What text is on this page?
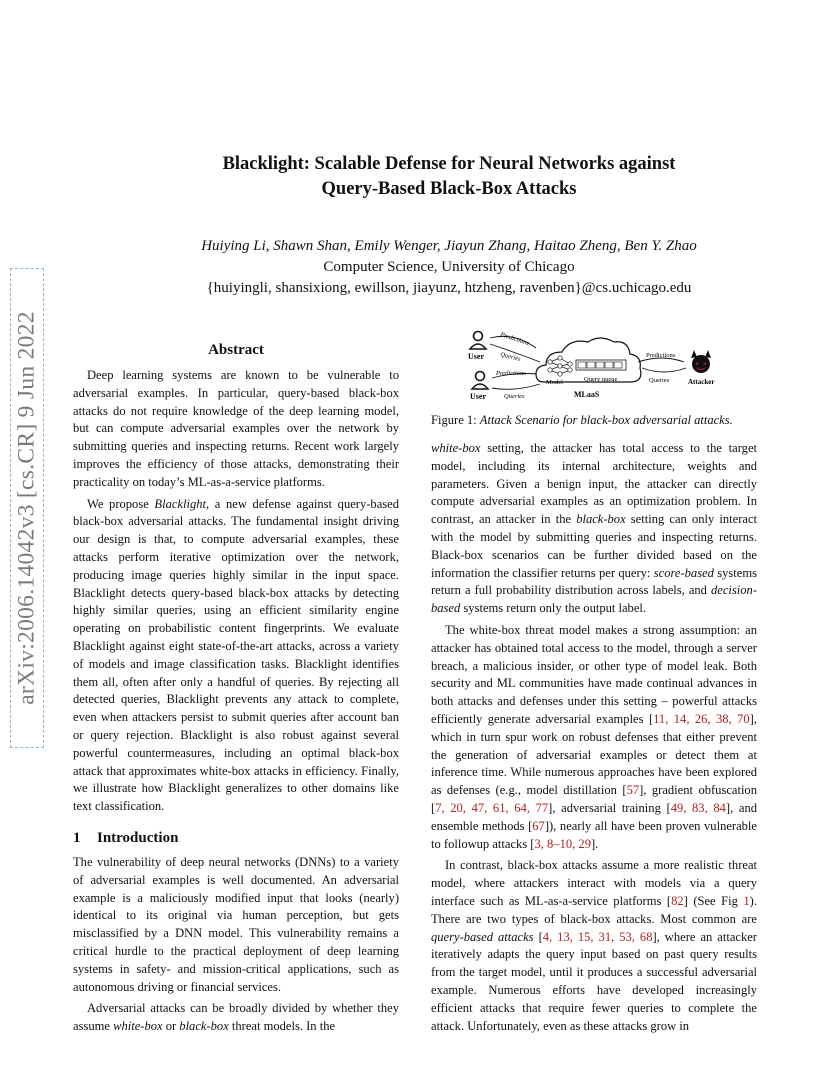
arXiv:2006.14042v3 [cs.CR] 9 Jun 2022
Blacklight: Scalable Defense for Neural Networks against
Query-Based Black-Box Attacks
Huiying Li, Shawn Shan, Emily Wenger, Jiayun Zhang, Haitao Zheng, Ben Y. Zhao
Computer Science, University of Chicago
{huiyingli, shansixiong, ewillson, jiayunz, htzheng, ravenben}@cs.uchicago.edu
Abstract

Deep learning systems are known to be vulnerable to adversarial examples. In particular, query-based black-box attacks do not require knowledge of the deep learning model, but can compute adversarial examples over the network by submitting queries and inspecting returns. Recent work largely improves the efficiency of those attacks, demonstrating their practicality on today’s ML-as-a-service platforms.

We propose Blacklight, a new defense against query-based black-box adversarial attacks. The fundamental insight driving our design is that, to compute adversarial examples, these attacks perform iterative optimization over the network, producing image queries highly similar in the input space. Blacklight detects query-based black-box attacks by detecting highly similar queries, using an efficient similarity engine operating on probabilistic content fingerprints. We evaluate Blacklight against eight state-of-the-art attacks, across a variety of models and image classification tasks. Blacklight identifies them all, often after only a handful of queries. By rejecting all detected queries, Blacklight prevents any attack to complete, even when attackers persist to submit queries after account ban or query rejection. Blacklight is also robust against several powerful countermeasures, including an optimal black-box attack that approximates white-box attacks in efficiency. Finally, we illustrate how Blacklight generalizes to other domains like text classification.

1 Introduction

The vulnerability of deep neural networks (DNNs) to a variety of adversarial examples is well documented. An adversarial example is a maliciously modified input that looks (nearly) identical to its original via human perception, but gets misclassified by a DNN model. This vulnerability remains a critical hurdle to the practical deployment of deep learning systems in safety- and mission-critical applications, such as autonomous driving or financial services.

Adversarial attacks can be broadly divided by whether they assume white-box or black-box threat models. In the

User
User
Predictions
Queries
Predictions
Queries
Model	Query queue
MLaaS
Predictions
Queries	Attacker
Figure 1: Attack Scenario for black-box adversarial attacks.

white-box setting, the attacker has total access to the target model, including its internal architecture, weights and parameters. Given a benign input, the attacker can directly compute adversarial examples as an optimization problem. In contrast, an attacker in the black-box setting can only interact with the model by submitting queries and inspecting returns. Black-box scenarios can be further divided based on the information the classifier returns per query: score-based systems return a full probability distribution across labels, and decision-based systems return only the output label.

The white-box threat model makes a strong assumption: an attacker has obtained total access to the model, through a server breach, a malicious insider, or other type of model leak. Both security and ML communities have made continual advances in both attacks and defenses under this setting – powerful attacks efficiently generate adversarial examples [11, 14, 26, 38, 70], which in turn spur work on robust defenses that either prevent the generation of adversarial examples or detect them at inference time. While numerous approaches have been explored as defenses (e.g., model distillation [57], gradient obfuscation [7, 20, 47, 61, 64, 77], adversarial training [49, 83, 84], and ensemble methods [67]), nearly all have been proven vulnerable to followup attacks [3, 8–10, 29].

In contrast, black-box attacks assume a more realistic threat model, where attackers interact with models via a query interface such as ML-as-a-service platforms [82] (See Fig 1). There are two types of black-box attacks. Most common are query-based attacks [4, 13, 15, 31, 53, 68], where an attacker iteratively adapts the query input based on past query results from the target model, until it produces a successful adversarial example. Numerous efforts have developed increasingly efficient attacks that require fewer queries to complete the attack. Unfortunately, even as these attacks grow in
